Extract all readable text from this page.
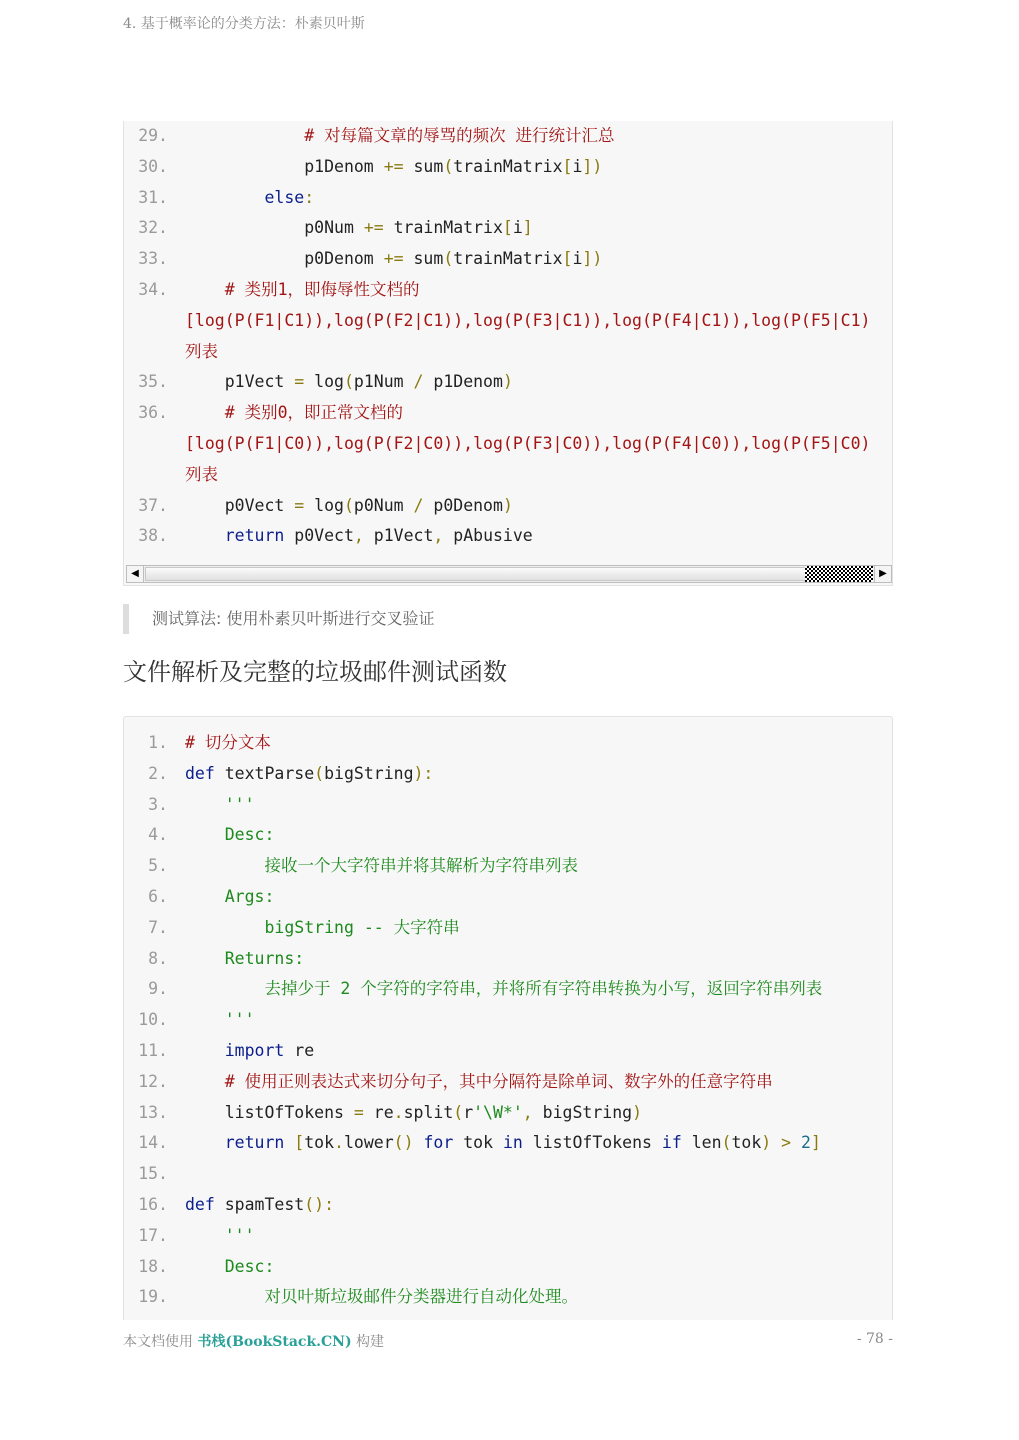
4. 基于概率论的分类方法：朴素贝叶斯
29.	# 对每篇文章的辱骂的频次 进行统计汇总
30. p1Denom += sum(trainMatrix[i])
31.	else:
32. p0Num += trainMatrix[i]
33. p0Denom += sum(trainMatrix[i])
34.	# 类别1，即侮辱性文档的
[log(P(F1|C1)),log(P(F2|C1)),log(P(F3|C1)),log(P(F4|C1)),log(P(F5|C1)
列表
35. p1Vect = log(p1Num / p1Denom)
36.	# 类别0，即正常文档的
[log(P(F1|C0)),log(P(F2|C0)),log(P(F3|C0)),log(P(F4|C0)),log(P(F5|C0)
列表
37. p0Vect = log(p0Num / p0Denom)
38.	return p0Vect, p1Vect, pAbusive
◀	▶
测试算法: 使用朴素贝叶斯进行交叉验证
文件解析及完整的垃圾邮件测试函数
1. # 切分文本
2. def textParse(bigString):
3.	'''
4.	Desc:
5.	接收一个大字符串并将其解析为字符串列表
6.	Args:
7.	bigString -- 大字符串
8.	Returns:
9.	去掉少于 2 个字符的字符串，并将所有字符串转换为小写，返回字符串列表
10.	'''
11.	import re
12.	# 使用正则表达式来切分句子，其中分隔符是除单词、数字外的任意字符串
13. listOfTokens = re.split(r'\W*', bigString)
14.	return [tok.lower() for tok in listOfTokens if len(tok) > 2]
15.
16. def spamTest():
17.	'''
18.	Desc:
19.	对贝叶斯垃圾邮件分类器进行自动化处理。
本文档使用 书栈(BookStack.CN) 构建	- 78 -
